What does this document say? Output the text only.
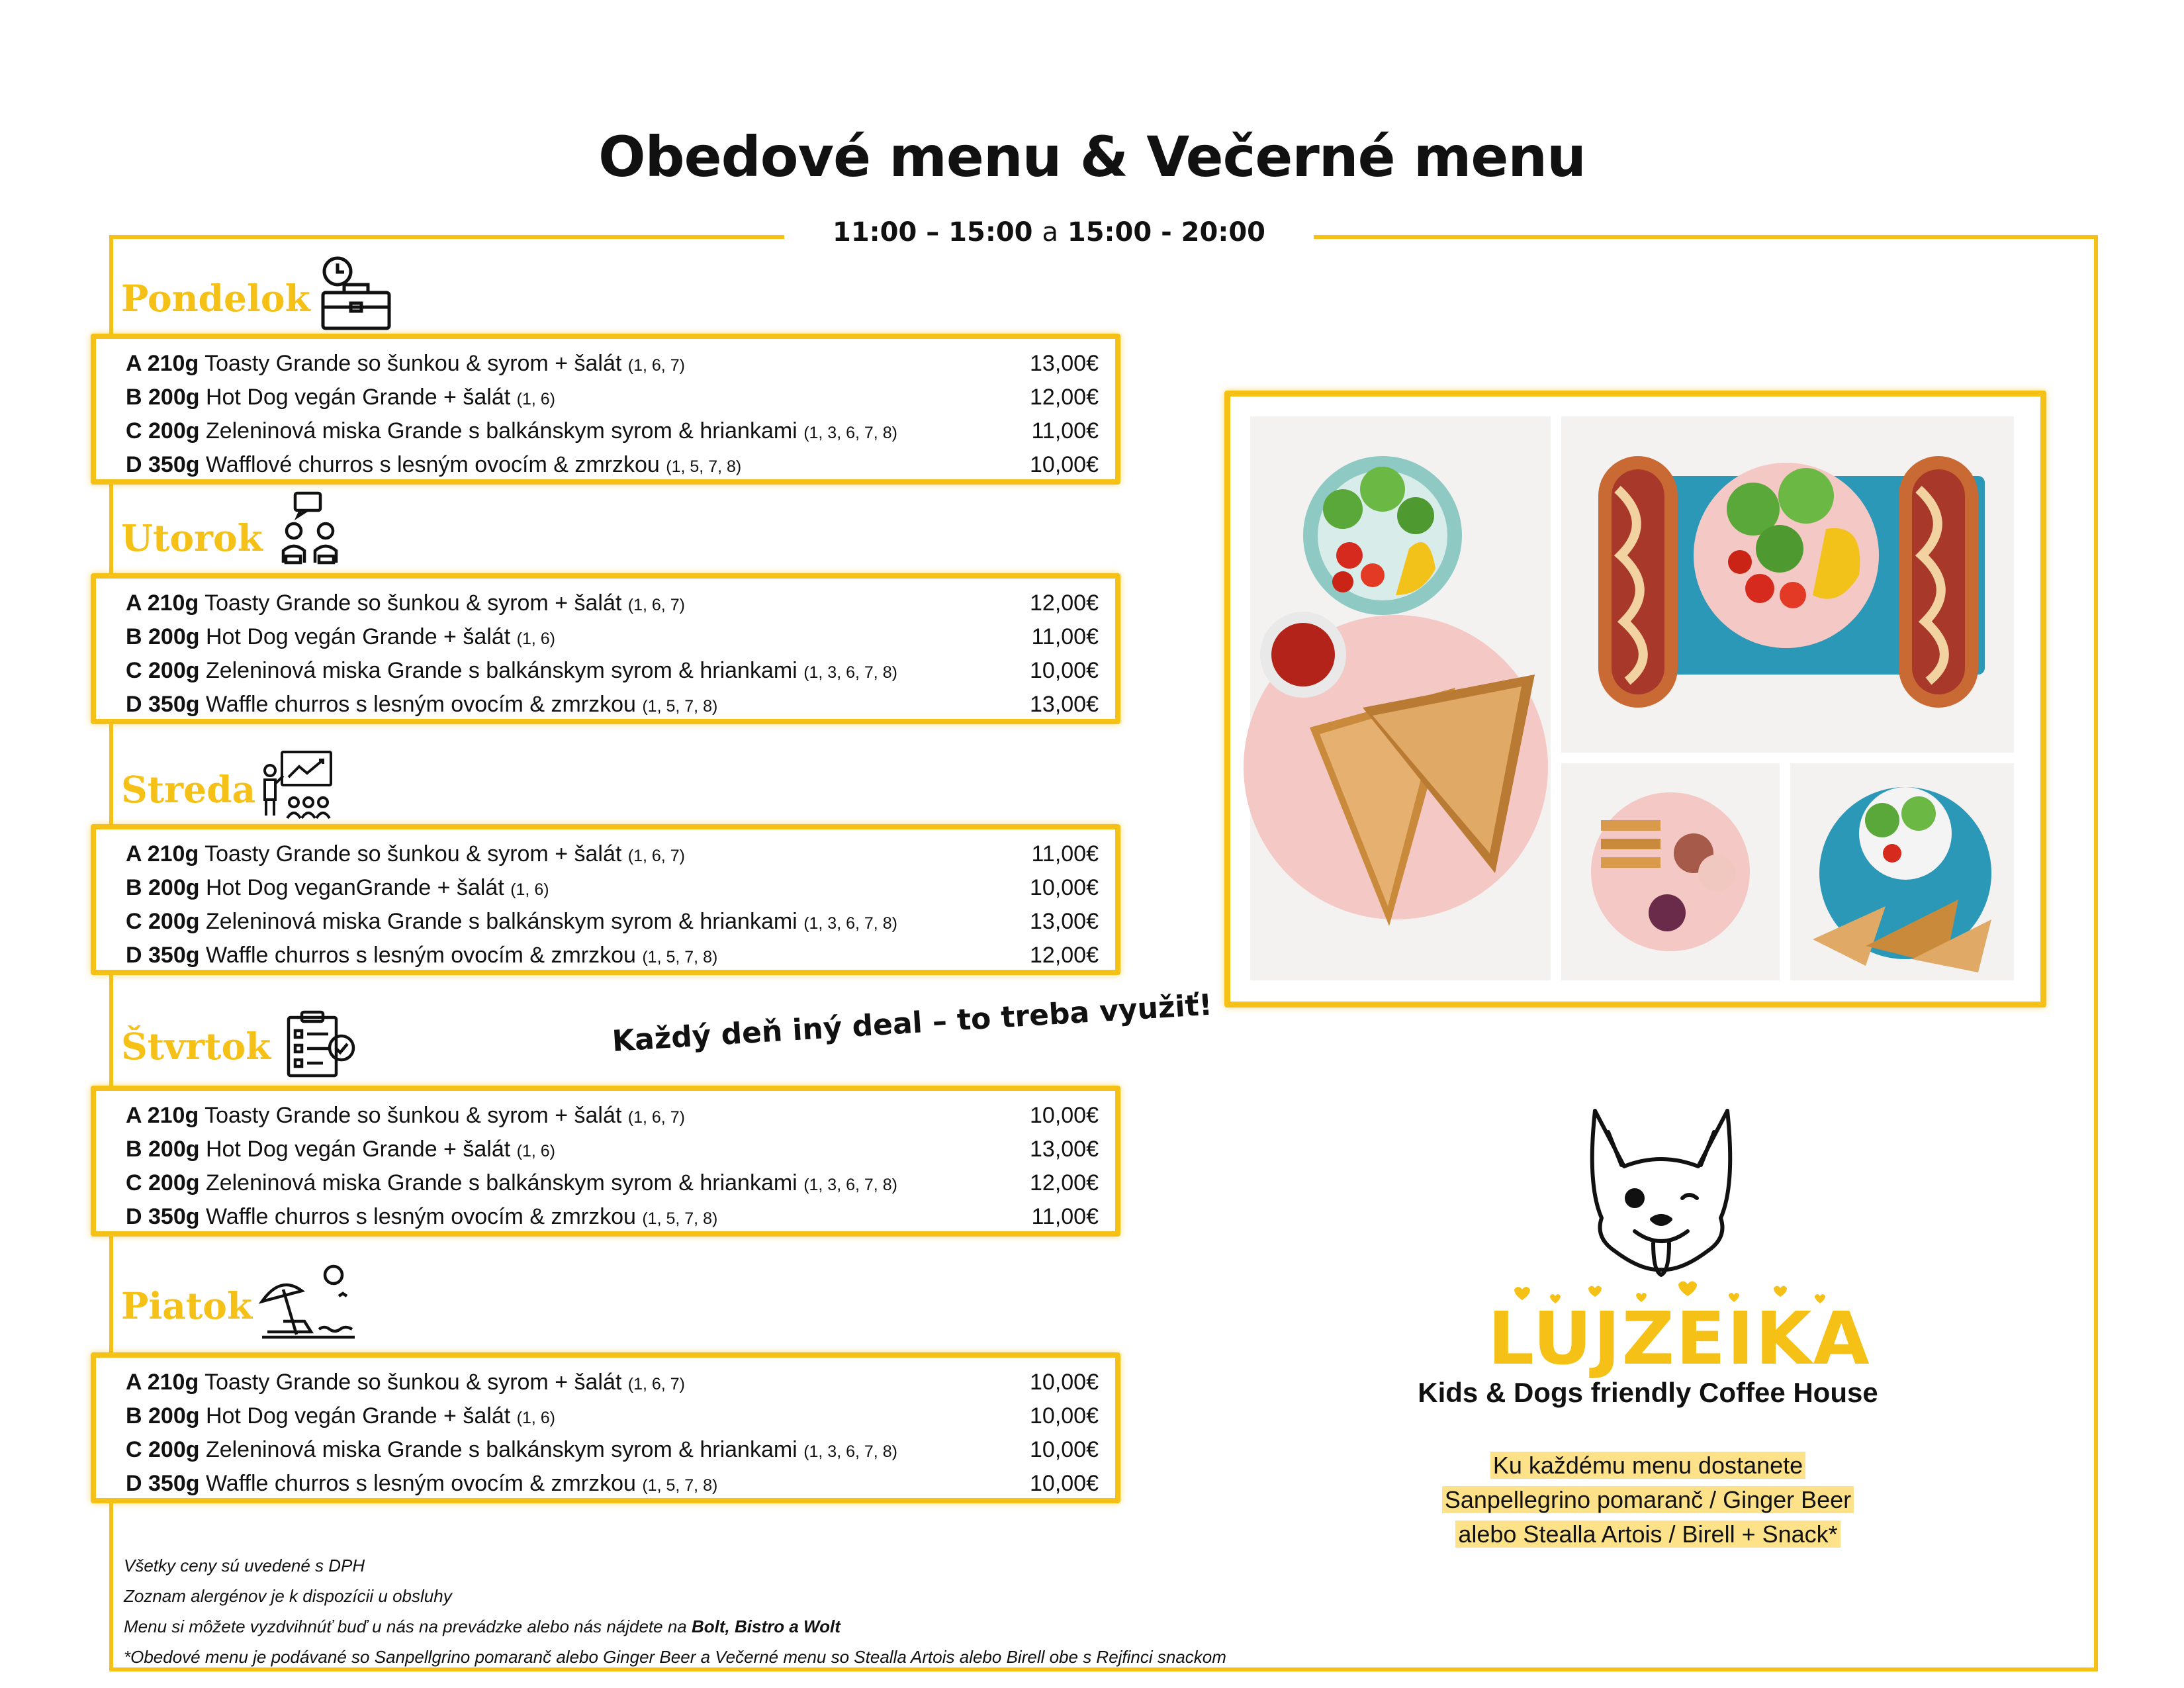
Obedové menu & Večerné menu
11:00 – 15:00 a 15:00 - 20:00
Pondelok
A 210g Toasty Grande so šunkou & syrom + šalát (1, 6, 7)	13,00€
B 200g Hot Dog vegán Grande + šalát (1, 6)	12,00€
C 200g Zeleninová miska Grande s balkánskym syrom & hriankami (1, 3, 6, 7, 8)	11,00€
D 350g Wafflové churros s lesným ovocím & zmrzkou (1, 5, 7, 8)	10,00€
Utorok
A 210g Toasty Grande so šunkou & syrom + šalát (1, 6, 7)	12,00€
B 200g Hot Dog vegán Grande + šalát (1, 6)	11,00€
C 200g Zeleninová miska Grande s balkánskym syrom & hriankami (1, 3, 6, 7, 8)	10,00€
D 350g Waffle churros s lesným ovocím & zmrzkou (1, 5, 7, 8)	13,00€
Streda
A 210g Toasty Grande so šunkou & syrom + šalát (1, 6, 7)	11,00€
B 200g Hot Dog veganGrande + šalát (1, 6)	10,00€
C 200g Zeleninová miska Grande s balkánskym syrom & hriankami (1, 3, 6, 7, 8)	13,00€
D 350g Waffle churros s lesným ovocím & zmrzkou (1, 5, 7, 8)	12,00€
Štvrtok
A 210g Toasty Grande so šunkou & syrom + šalát (1, 6, 7)	10,00€
B 200g Hot Dog vegán Grande + šalát (1, 6)	13,00€
C 200g Zeleninová miska Grande s balkánskym syrom & hriankami (1, 3, 6, 7, 8)	12,00€
D 350g Waffle churros s lesným ovocím & zmrzkou (1, 5, 7, 8)	11,00€
Piatok
A 210g Toasty Grande so šunkou & syrom + šalát (1, 6, 7)	10,00€
B 200g Hot Dog vegán Grande + šalát (1, 6)	10,00€
C 200g Zeleninová miska Grande s balkánskym syrom & hriankami (1, 3, 6, 7, 8)	10,00€
D 350g Waffle churros s lesným ovocím & zmrzkou (1, 5, 7, 8)	10,00€
Každý deň iný deal – to treba využiť!
LUJZEIKA
Kids & Dogs friendly Coffee House
Ku každému menu dostanete
Sanpellegrino pomaranč / Ginger Beer
alebo Stealla Artois / Birell + Snack*
Všetky ceny sú uvedené s DPH
Zoznam alergénov je k dispozícii u obsluhy
Menu si môžete vyzdvihnúť buď u nás na prevádzke alebo nás nájdete na Bolt, Bistro a Wolt
*Obedové menu je podávané so Sanpellgrino pomaranč alebo Ginger Beer a Večerné menu so Stealla Artois alebo Birell obe s Rejfinci snackom
